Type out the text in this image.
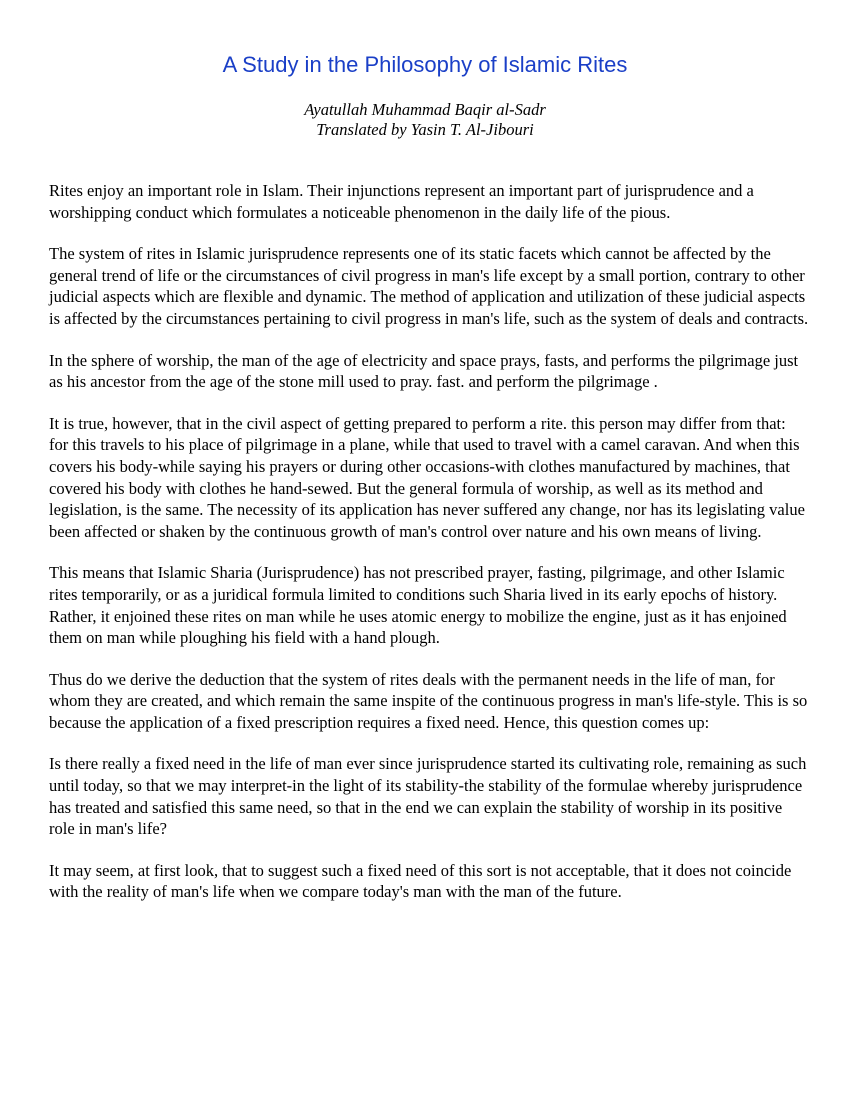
A Study in the Philosophy of Islamic Rites
Ayatullah Muhammad Baqir al-Sadr
Translated by Yasin T. Al-Jibouri

Rites enjoy an important role in Islam. Their injunctions represent an important part of jurisprudence and a worshipping conduct which formulates a noticeable phenomenon in the daily life of the pious.

The system of rites in Islamic jurisprudence represents one of its static facets which cannot be affected by the general trend of life or the circumstances of civil progress in man's life except by a small portion, contrary to other judicial aspects which are flexible and dynamic. The method of application and utilization of these judicial aspects is affected by the circumstances pertaining to civil progress in man's life, such as the system of deals and contracts.

In the sphere of worship, the man of the age of electricity and space prays, fasts, and performs the pilgrimage just as his ancestor from the age of the stone mill used to pray. fast. and perform the pilgrimage .

It is true, however, that in the civil aspect of getting prepared to perform a rite. this person may differ from that: for this travels to his place of pilgrimage in a plane, while that used to travel with a camel caravan. And when this covers his body-while saying his prayers or during other occasions-with clothes manufactured by machines, that covered his body with clothes he hand-sewed. But the general formula of worship, as well as its method and legislation, is the same. The necessity of its application has never suffered any change, nor has its legislating value been affected or shaken by the continuous growth of man's control over nature and his own means of living.

This means that Islamic Sharia (Jurisprudence) has not prescribed prayer, fasting, pilgrimage, and other Islamic rites temporarily, or as a juridical formula limited to conditions such Sharia lived in its early epochs of history. Rather, it enjoined these rites on man while he uses atomic energy to mobilize the engine, just as it has enjoined them on man while ploughing his field with a hand plough.

Thus do we derive the deduction that the system of rites deals with the permanent needs in the life of man, for whom they are created, and which remain the same inspite of the continuous progress in man's life-style. This is so because the application of a fixed prescription requires a fixed need. Hence, this question comes up:

Is there really a fixed need in the life of man ever since jurisprudence started its cultivating role, remaining as such until today, so that we may interpret-in the light of its stability-the stability of the formulae whereby jurisprudence has treated and satisfied this same need, so that in the end we can explain the stability of worship in its positive role in man's life?

It may seem, at first look, that to suggest such a fixed need of this sort is not acceptable, that it does not coincide with the reality of man's life when we compare today's man with the man of the future.
